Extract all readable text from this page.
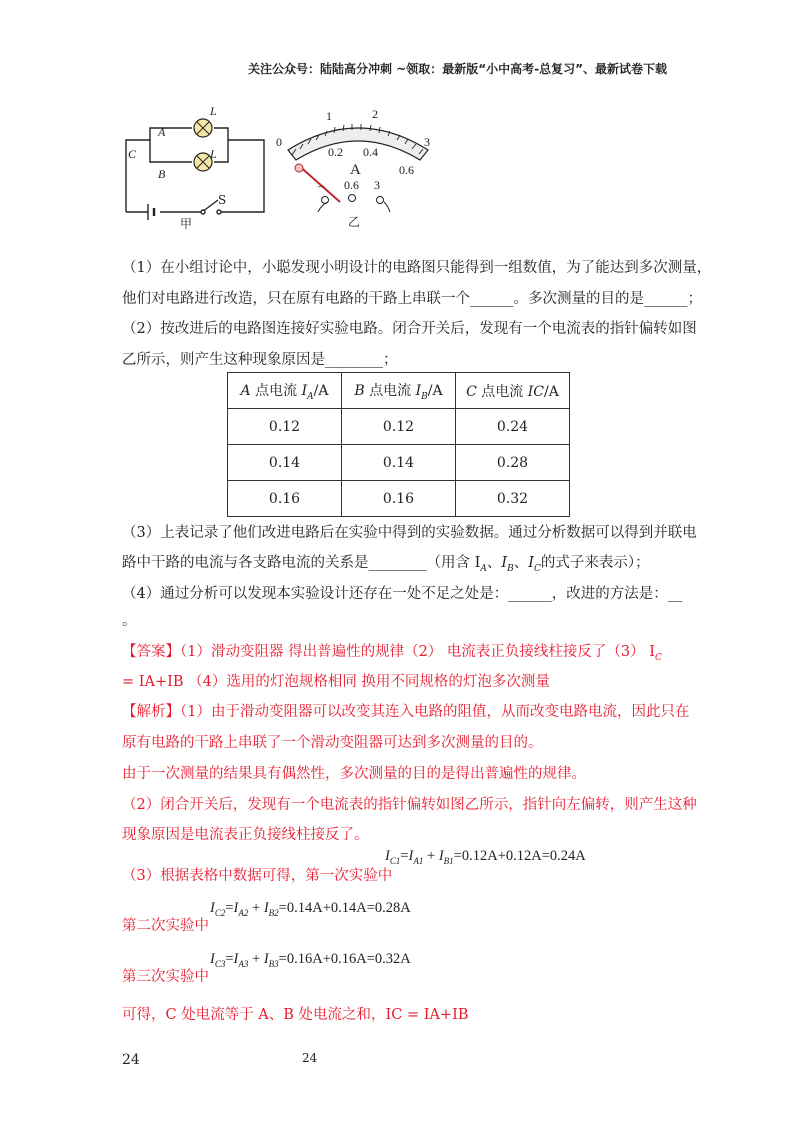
关注公众号：陆陆高分冲刺 ~领取：最新版“小中高考-总复习”、最新试卷下载
A
B
C
L
L
S
甲
0
1	2
3
0.2 0.4
0.6
A
– 0.6 3
乙
（1）在小组讨论中，小聪发现小明设计的电路图只能得到一组数值，为了能达到多次测量，
他们对电路进行改造，只在原有电路的干路上串联一个______。多次测量的目的是______；
（2）按改进后的电路图连接好实验电路。闭合开关后，发现有一个电流表的指针偏转如图
乙所示，则产生这种现象原因是________；
A 点电流 $I_A/A$	B 点电流 $I_B/A$	C 点电流 IC/A
0.12	0.12	0.24
0.14	0.14	0.28
0.16	0.16	0.32
（3）上表记录了他们改进电路后在实验中得到的实验数据。通过分析数据可以得到并联电
路中干路的电流与各支路电流的关系是________（用含 $I_A$、$I_B$、$I_C$的式子来表示）；
（4）通过分析可以发现本实验设计还存在一处不足之处是：______，改进的方法是：__
。
【答案】（1）滑动变阻器 得出普遍性的规律（2） 电流表正负接线柱接反了（3） $I_C$
= IA+IB （4）选用的灯泡规格相同 换用不同规格的灯泡多次测量
【解析】（1）由于滑动变阻器可以改变其连入电路的阻值，从而改变电路电流，因此只在
原有电路的干路上串联了一个滑动变阻器可达到多次测量的目的。
由于一次测量的结果具有偶然性，多次测量的目的是得出普遍性的规律。
（2）闭合开关后，发现有一个电流表的指针偏转如图乙所示，指针向左偏转，则产生这种
现象原因是电流表正负接线柱接反了。
（3）根据表格中数据可得，第一次实验中
$I_{C1}=I_{A1} + I_{B1}=0.12A+0.12A=0.24A$
$I_{C2}=I_{A2} + I_{B2}=0.14A+0.14A=0.28A$
第二次实验中
$I_{C3}=I_{A3} + I_{B3}=0.16A+0.16A=0.32A$
第三次实验中
可得，C 处电流等于 A、B 处电流之和，IC = IA+IB
24	24
